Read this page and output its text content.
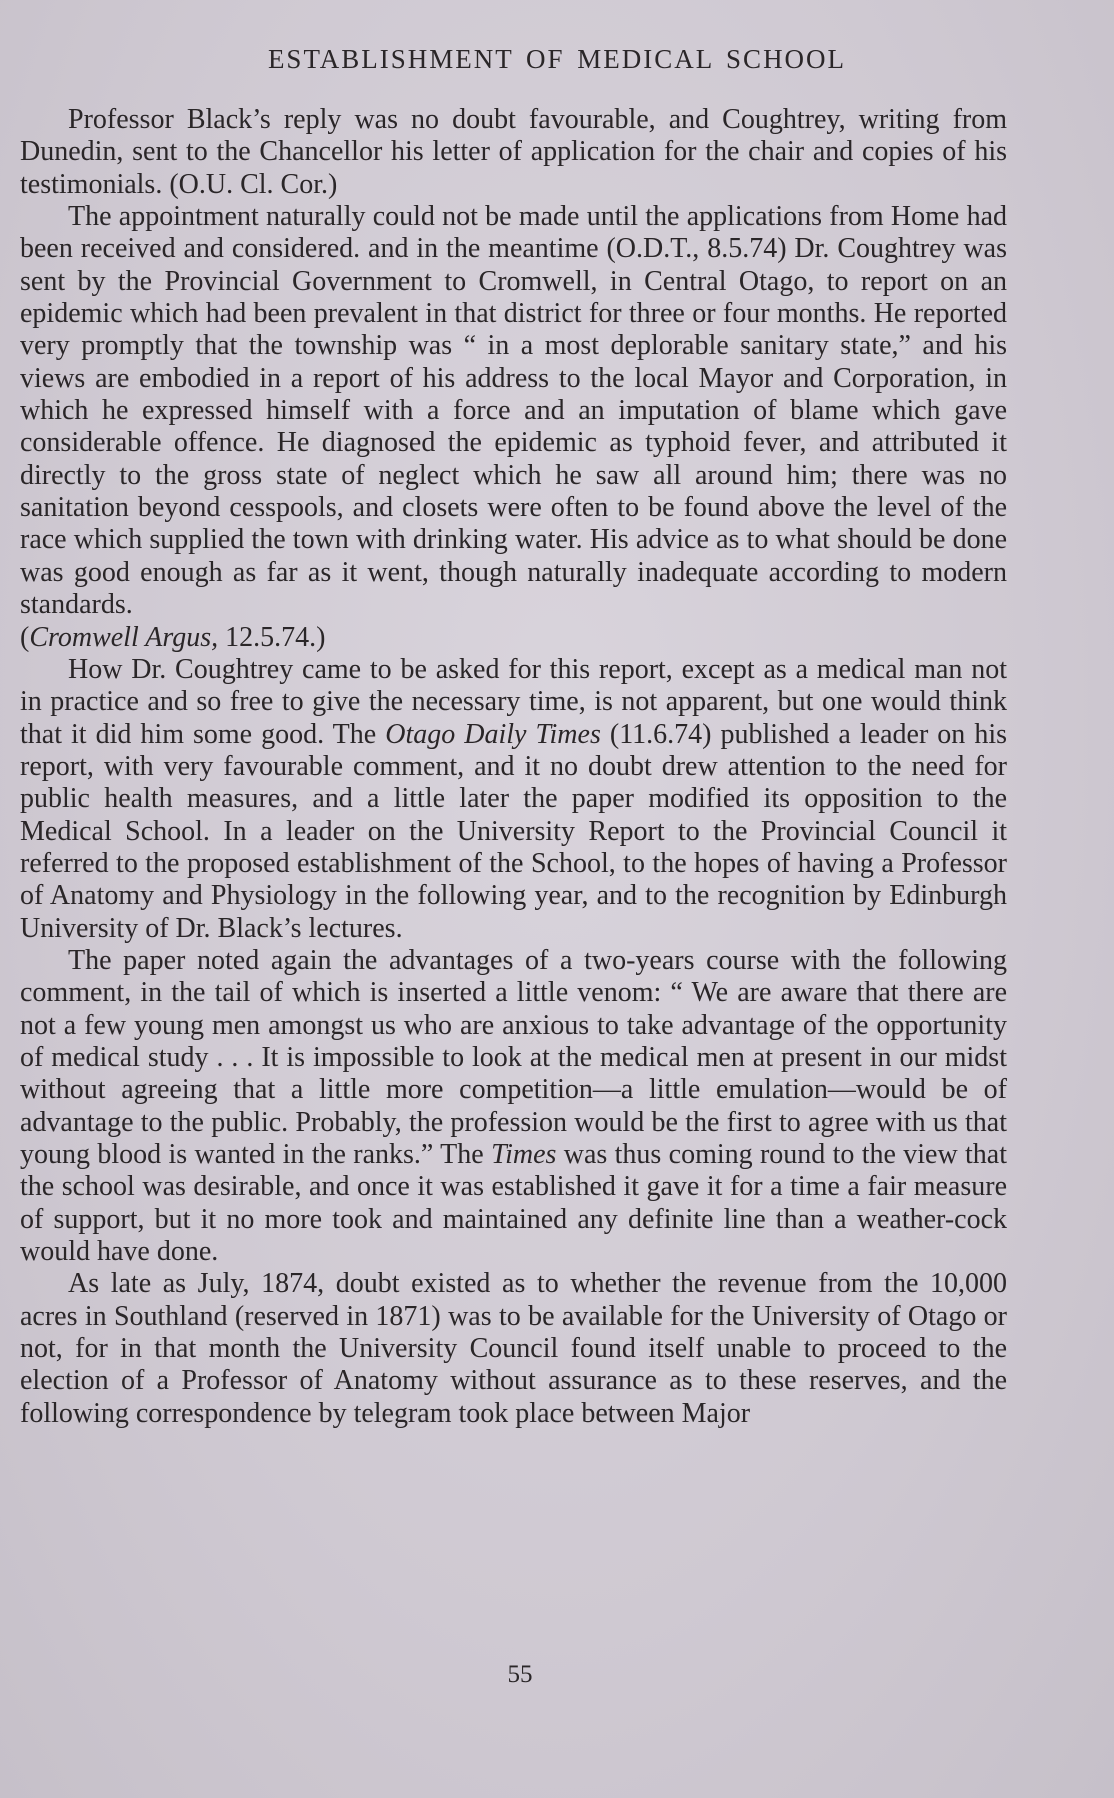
ESTABLISHMENT OF MEDICAL SCHOOL

Professor Black’s reply was no doubt favourable, and Coughtrey, writing from Dunedin, sent to the Chancellor his letter of application for the chair and copies of his testimonials. (O.U. Cl. Cor.)

The appointment naturally could not be made until the applications from Home had been received and considered. and in the meantime (O.D.T., 8.5.74) Dr. Coughtrey was sent by the Provincial Government to Cromwell, in Central Otago, to report on an epidemic which had been prevalent in that district for three or four months. He reported very promptly that the township was “ in a most deplorable sanitary state,” and his views are embodied in a report of his address to the local Mayor and Corporation, in which he expressed himself with a force and an imputation of blame which gave considerable offence. He diagnosed the epidemic as typhoid fever, and attributed it directly to the gross state of neglect which he saw all around him; there was no sanitation beyond cesspools, and closets were often to be found above the level of the race which supplied the town with drinking water. His advice as to what should be done was good enough as far as it went, though naturally inadequate according to modern standards.
(Cromwell Argus, 12.5.74.)

How Dr. Coughtrey came to be asked for this report, except as a medical man not in practice and so free to give the necessary time, is not apparent, but one would think that it did him some good. The Otago Daily Times (11.6.74) published a leader on his report, with very favourable comment, and it no doubt drew attention to the need for public health measures, and a little later the paper modified its opposition to the Medical School. In a leader on the University Report to the Provincial Council it referred to the proposed establishment of the School, to the hopes of having a Professor of Anatomy and Physiology in the following year, and to the recognition by Edinburgh University of Dr. Black’s lectures.

The paper noted again the advantages of a two-years course with the following comment, in the tail of which is inserted a little venom: “ We are aware that there are not a few young men amongst us who are anxious to take advantage of the opportunity of medical study . . . It is impossible to look at the medical men at present in our midst without agreeing that a little more competition—a little emulation—would be of advantage to the public. Probably, the profession would be the first to agree with us that young blood is wanted in the ranks.” The Times was thus coming round to the view that the school was desirable, and once it was established it gave it for a time a fair measure of support, but it no more took and maintained any definite line than a weather-cock would have done.

As late as July, 1874, doubt existed as to whether the revenue from the 10,000 acres in Southland (reserved in 1871) was to be available for the University of Otago or not, for in that month the University Council found itself unable to proceed to the election of a Professor of Anatomy without assurance as to these reserves, and the following correspondence by telegram took place between Major

55
